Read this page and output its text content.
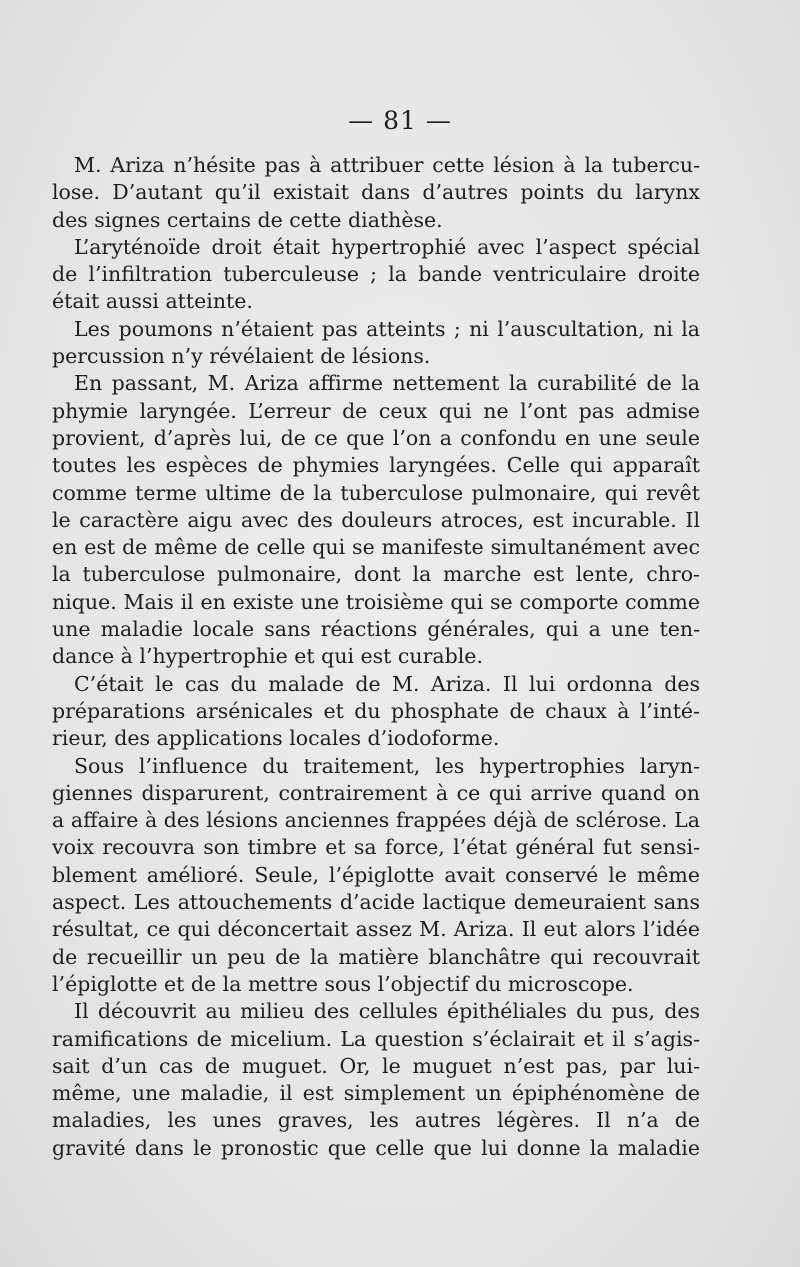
— 81 —
M. Ariza n’hésite pas à attribuer cette lésion à la tubercu-
lose. D’autant qu’il existait dans d’autres points du larynx
des signes certains de cette diathèse.
L’aryténoïde droit était hypertrophié avec l’aspect spécial
de l’infiltration tuberculeuse ; la bande ventriculaire droite
était aussi atteinte.
Les poumons n’étaient pas atteints ; ni l’auscultation, ni la
percussion n’y révélaient de lésions.
En passant, M. Ariza affirme nettement la curabilité de la
phymie laryngée. L’erreur de ceux qui ne l’ont pas admise
provient, d’après lui, de ce que l’on a confondu en une seule
toutes les espèces de phymies laryngées. Celle qui apparaît
comme terme ultime de la tuberculose pulmonaire, qui revêt
le caractère aigu avec des douleurs atroces, est incurable. Il
en est de même de celle qui se manifeste simultanément avec
la tuberculose pulmonaire, dont la marche est lente, chro-
nique. Mais il en existe une troisième qui se comporte comme
une maladie locale sans réactions générales, qui a une ten-
dance à l’hypertrophie et qui est curable.
C’était le cas du malade de M. Ariza. Il lui ordonna des
préparations arsénicales et du phosphate de chaux à l’inté-
rieur, des applications locales d’iodoforme.
Sous l’influence du traitement, les hypertrophies laryn-
giennes disparurent, contrairement à ce qui arrive quand on
a affaire à des lésions anciennes frappées déjà de sclérose. La
voix recouvra son timbre et sa force, l’état général fut sensi-
blement amélioré. Seule, l’épiglotte avait conservé le même
aspect. Les attouchements d’acide lactique demeuraient sans
résultat, ce qui déconcertait assez M. Ariza. Il eut alors l’idée
de recueillir un peu de la matière blanchâtre qui recouvrait
l’épiglotte et de la mettre sous l’objectif du microscope.
Il découvrit au milieu des cellules épithéliales du pus, des
ramifications de micelium. La question s’éclairait et il s’agis-
sait d’un cas de muguet. Or, le muguet n’est pas, par lui-
même, une maladie, il est simplement un épiphénomène de
maladies, les unes graves, les autres légères. Il n’a de
gravité dans le pronostic que celle que lui donne la maladie
